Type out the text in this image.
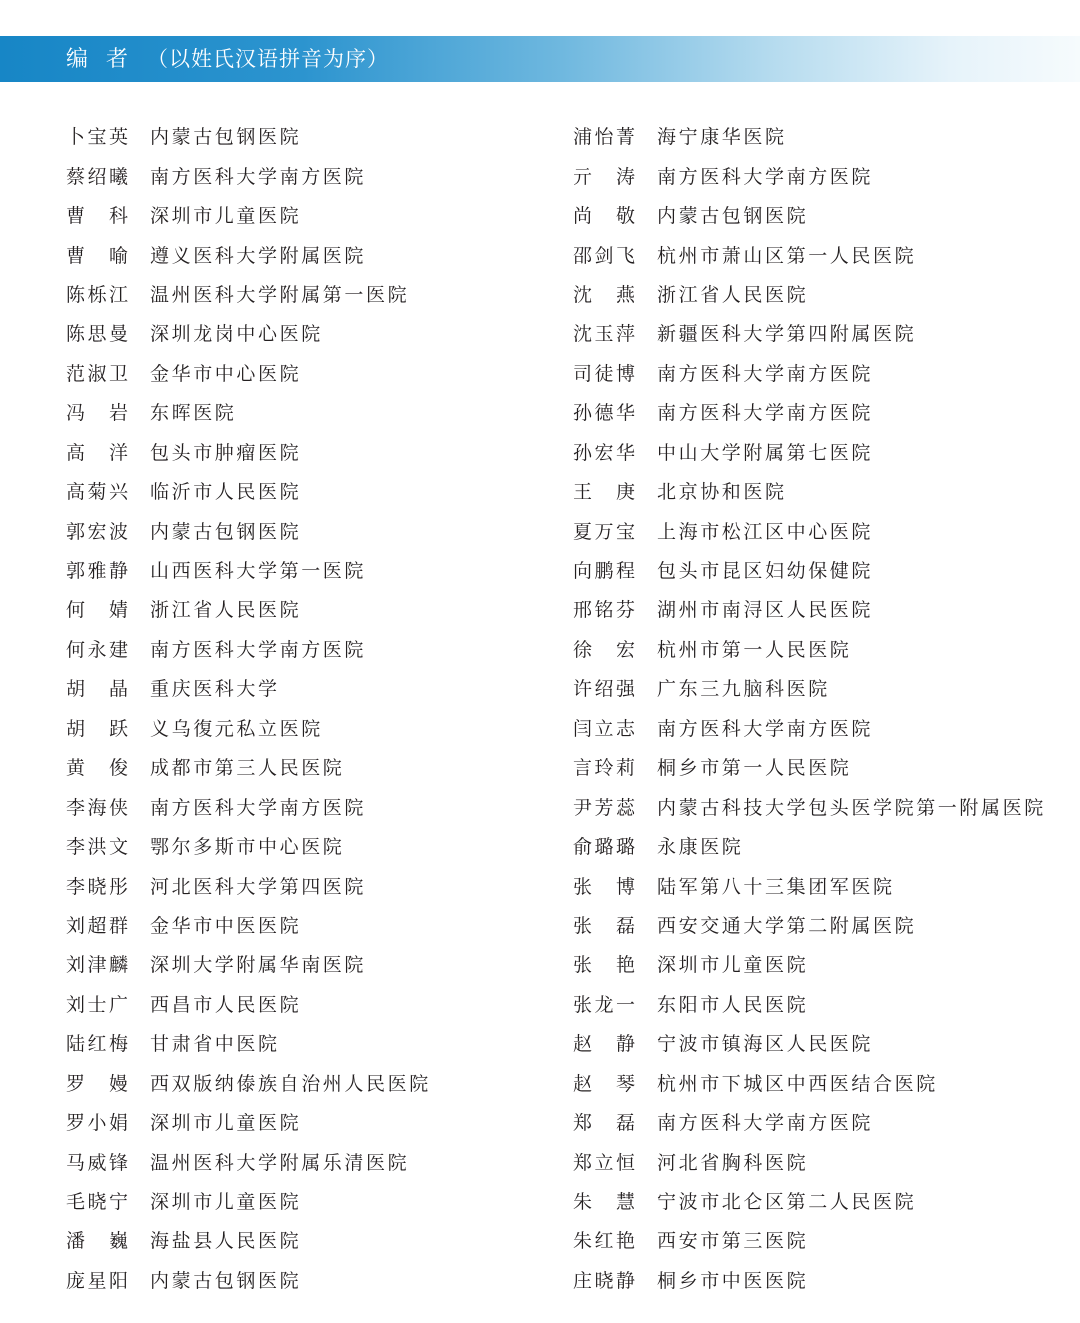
编者 （以姓氏汉语拼音为序）
卜宝英	内蒙古包钢医院
蔡绍曦	南方医科大学南方医院
曹科	深圳市儿童医院
曹喻	遵义医科大学附属医院
陈栎江	温州医科大学附属第一医院
陈思曼	深圳龙岗中心医院
范淑卫	金华市中心医院
冯岩	东晖医院
高洋	包头市肿瘤医院
高菊兴	临沂市人民医院
郭宏波	内蒙古包钢医院
郭雅静	山西医科大学第一医院
何婧	浙江省人民医院
何永建	南方医科大学南方医院
胡晶	重庆医科大学
胡跃	义乌復元私立医院
黄俊	成都市第三人民医院
李海侠	南方医科大学南方医院
李洪文	鄂尔多斯市中心医院
李晓彤	河北医科大学第四医院
刘超群	金华市中医医院
刘津麟	深圳大学附属华南医院
刘士广	西昌市人民医院
陆红梅	甘肃省中医院
罗嫚	西双版纳傣族自治州人民医院
罗小娟	深圳市儿童医院
马威锋	温州医科大学附属乐清医院
毛晓宁	深圳市儿童医院
潘巍	海盐县人民医院
庞星阳	内蒙古包钢医院
浦怡菁	海宁康华医院
亓涛	南方医科大学南方医院
尚敬	内蒙古包钢医院
邵剑飞	杭州市萧山区第一人民医院
沈燕	浙江省人民医院
沈玉萍	新疆医科大学第四附属医院
司徒博	南方医科大学南方医院
孙德华	南方医科大学南方医院
孙宏华	中山大学附属第七医院
王庚	北京协和医院
夏万宝	上海市松江区中心医院
向鹏程	包头市昆区妇幼保健院
邢铭芬	湖州市南浔区人民医院
徐宏	杭州市第一人民医院
许绍强	广东三九脑科医院
闫立志	南方医科大学南方医院
言玲莉	桐乡市第一人民医院
尹芳蕊	内蒙古科技大学包头医学院第一附属医院
俞璐璐	永康医院
张博	陆军第八十三集团军医院
张磊	西安交通大学第二附属医院
张艳	深圳市儿童医院
张龙一	东阳市人民医院
赵静	宁波市镇海区人民医院
赵琴	杭州市下城区中西医结合医院
郑磊	南方医科大学南方医院
郑立恒	河北省胸科医院
朱慧	宁波市北仑区第二人民医院
朱红艳	西安市第三医院
庄晓静	桐乡市中医医院
